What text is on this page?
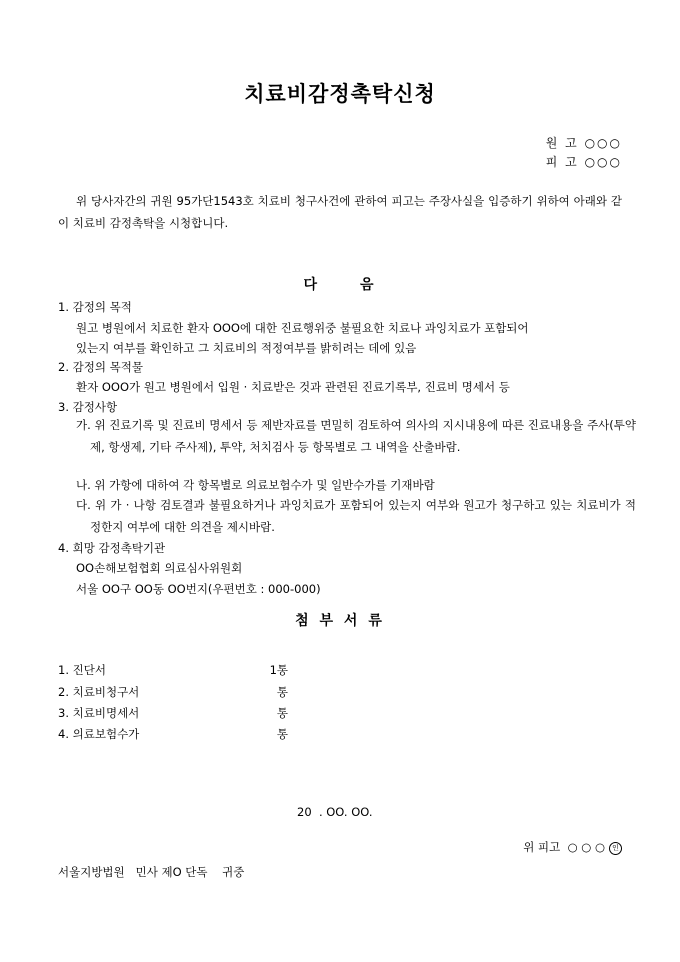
치료비감정촉탁신청
원 고 ○○○
피 고 ○○○
위 당사자간의 귀원 95가단1543호 치료비 청구사건에 관하여 피고는 주장사실을 입증하기 위하여 아래와 같이 치료비 감정촉탁을 시청합니다.
다	음
1. 감정의 목적
원고 병원에서 치료한 환자 OOO에 대한 진료행위중 불필요한 치료나 과잉치료가 포함되어
있는지 여부를 확인하고 그 치료비의 적정여부를 밝히려는 데에 있음
2. 감정의 목적물
환자 OOO가 원고 병원에서 입원 · 치료받은 것과 관련된 진료기록부, 진료비 명세서 등
3. 감정사항
가. 위 진료기록 및 진료비 명세서 등 제반자료를 면밀히 검토하여 의사의 지시내용에 따른 진료내용을 주사(투약제, 항생제, 기타 주사제), 투약, 처치검사 등 항목별로 그 내역을 산출바람.
나. 위 가항에 대하여 각 항목별로 의료보험수가 및 일반수가를 기재바람
다. 위 가 · 나항 검토결과 불필요하거나 과잉치료가 포함되어 있는지 여부와 원고가 청구하고 있는 치료비가 적정한지 여부에 대한 의견을 제시바람.
4. 희망 감정촉탁기관
OO손해보험협회 의료심사위원회
서울 OO구 OO동 OO번지(우편번호 : 000-000)
첨 부 서 류
1. 진단서	1통
2. 치료비청구서	통
3. 치료비명세서	통
4. 의료보험수가	통
20  . OO. OO.

위 피고  ○ ○ ○ 인

서울지방법원   민사 제O 단독    귀중
